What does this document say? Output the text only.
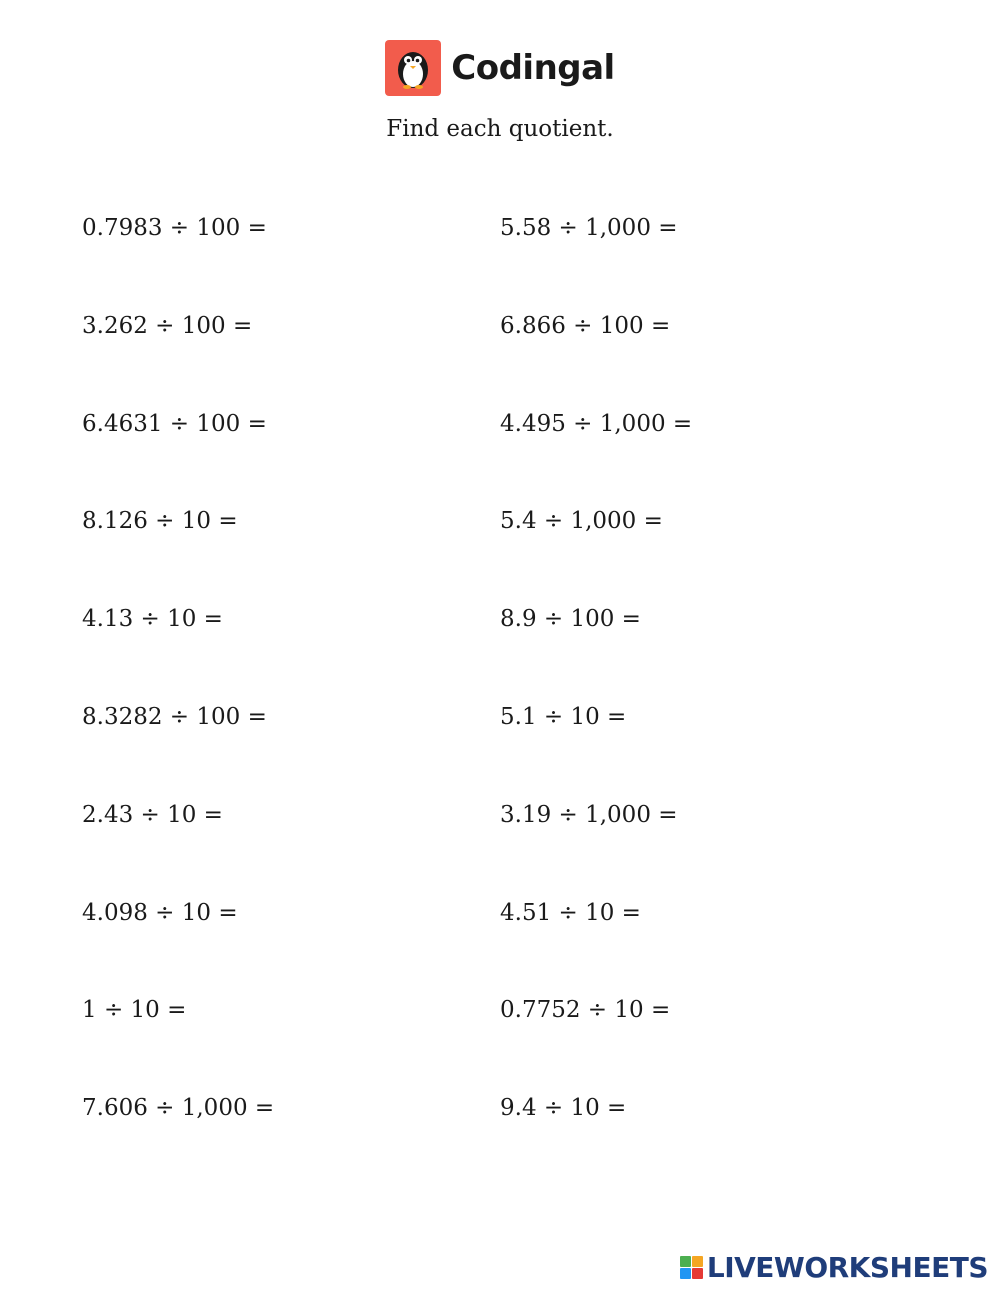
Codingal
Find each quotient.
0.7983 ÷ 100 =	5.58 ÷ 1,000 =
3.262 ÷ 100 =	6.866 ÷ 100 =
6.4631 ÷ 100 =	4.495 ÷ 1,000 =
8.126 ÷ 10 =	5.4 ÷ 1,000 =
4.13 ÷ 10 =	8.9 ÷ 100 =
8.3282 ÷ 100 =	5.1 ÷ 10 =
2.43 ÷ 10 =	3.19 ÷ 1,000 =
4.098 ÷ 10 =	4.51 ÷ 10 =
1 ÷ 10 =	0.7752 ÷ 10 =
7.606 ÷ 1,000 =	9.4 ÷ 10 =
LIVEWORKSHEETS
